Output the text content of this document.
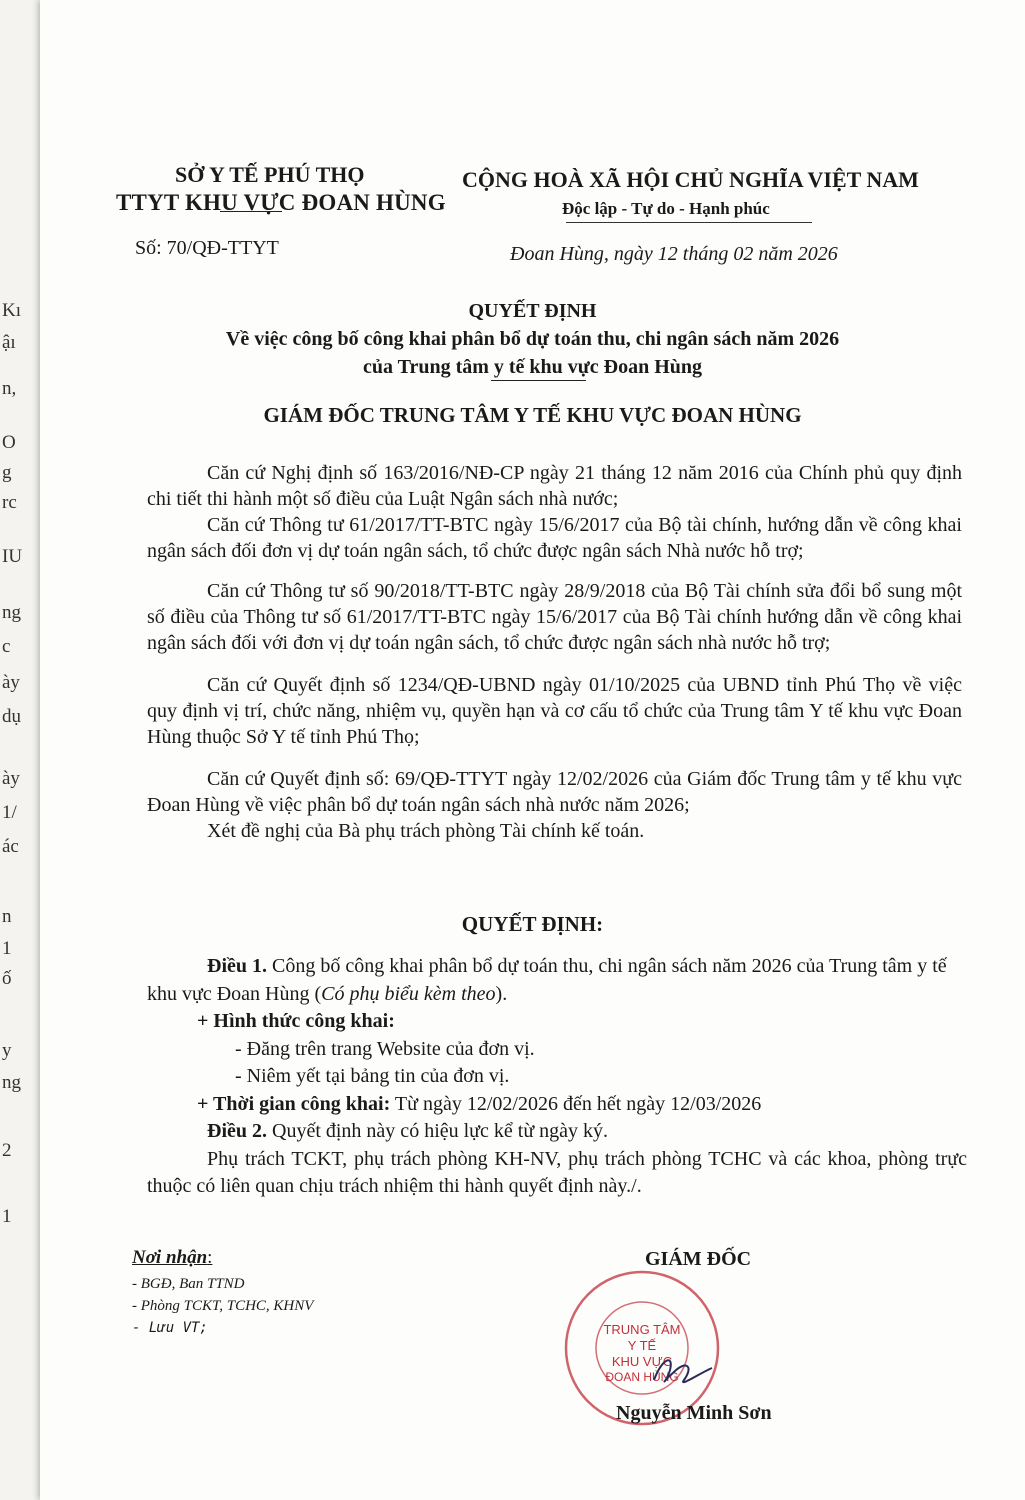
Kı
ậı
n,
O
g
rc
IU
ng
c
ày
dụ
ày
1/
ác
n
1
ố
y
ng
2
1
SỞ Y TẾ PHÚ THỌ
TTYT KHU VỰC ĐOAN HÙNG
CỘNG HOÀ XÃ HỘI CHỦ NGHĨA VIỆT NAM
Độc lập - Tự do - Hạnh phúc
Số: 70/QĐ-TTYT	Đoan Hùng, ngày 12 tháng 02 năm 2026
QUYẾT ĐỊNH
Về việc công bố công khai phân bổ dự toán thu, chi ngân sách năm 2026
của Trung tâm y tế khu vực Đoan Hùng
GIÁM ĐỐC TRUNG TÂM Y TẾ KHU VỰC ĐOAN HÙNG

Căn cứ Nghị định số 163/2016/NĐ-CP ngày 21 tháng 12 năm 2016 của Chính phủ quy định chi tiết thi hành một số điều của Luật Ngân sách nhà nước;

Căn cứ Thông tư 61/2017/TT-BTC ngày 15/6/2017 của Bộ tài chính, hướng dẫn về công khai ngân sách đối đơn vị dự toán ngân sách, tổ chức được ngân sách Nhà nước hỗ trợ;

Căn cứ Thông tư số 90/2018/TT-BTC ngày 28/9/2018 của Bộ Tài chính sửa đổi bổ sung một số điều của Thông tư số 61/2017/TT-BTC ngày 15/6/2017 của Bộ Tài chính hướng dẫn về công khai ngân sách đối với đơn vị dự toán ngân sách, tổ chức được ngân sách nhà nước hỗ trợ;

Căn cứ Quyết định số 1234/QĐ-UBND ngày 01/10/2025 của UBND tỉnh Phú Thọ về việc quy định vị trí, chức năng, nhiệm vụ, quyền hạn và cơ cấu tổ chức của Trung tâm Y tế khu vực Đoan Hùng thuộc Sở Y tế tỉnh Phú Thọ;

Căn cứ Quyết định số: 69/QĐ-TTYT ngày 12/02/2026 của Giám đốc Trung tâm y tế khu vực Đoan Hùng về việc phân bổ dự toán ngân sách nhà nước năm 2026;

Xét đề nghị của Bà phụ trách phòng Tài chính kế toán.

QUYẾT ĐỊNH:

Điều 1. Công bố công khai phân bổ dự toán thu, chi ngân sách năm 2026 của Trung tâm y tế khu vực Đoan Hùng (Có phụ biểu kèm theo).

+ Hình thức công khai:

- Đăng trên trang Website của đơn vị.

- Niêm yết tại bảng tin của đơn vị.

+ Thời gian công khai: Từ ngày 12/02/2026 đến hết ngày 12/03/2026

Điều 2. Quyết định này có hiệu lực kể từ ngày ký.

Phụ trách TCKT, phụ trách phòng KH-NV, phụ trách phòng TCHC và các khoa, phòng trực thuộc có liên quan chịu trách nhiệm thi hành quyết định này./.

Nơi nhận:
- BGĐ, Ban TTND
- Phòng TCKT, TCHC, KHNV
- Lưu VT;
GIÁM ĐỐC
TRUNG TÂM
Y TẾ
KHU VỰC
ĐOAN HÙNG
Nguyễn Minh Sơn
